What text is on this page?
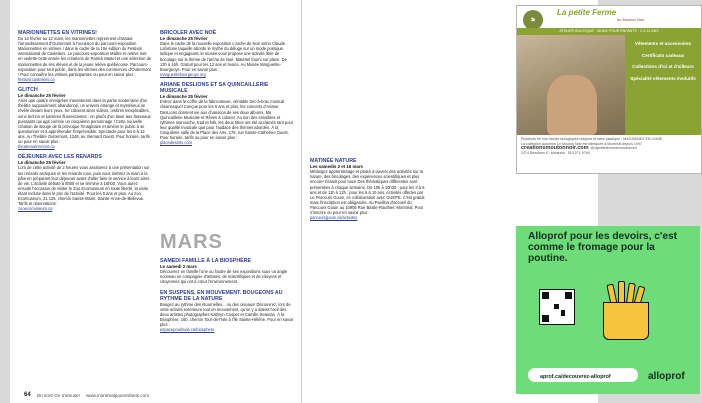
MARIONNETTES EN VITRINES!

Du 12 février au 12 mars, les marionnettes reprennent d'assaut l'arrondissement d'Outremont à l'occasion du parcours-exposition Marionnettes en vitrines ! dans le cadre de la 10e édition du Festival international de Casteliers. Le parcours-exposition Maître et relève met en vedette cette année les créations de Patrick Martel et une sélection de marionnettes de ses élèves et de la jeune relève québécoise. Parcours-exposition pour tout public, dans les vitrines des commerces d'Outremont ! Pour connaître les vitrines participantes ou pour en savoir plus :

festival.casteliers.ca

GLITCH

Le dimanche 25 février

Alors que quatre immigrées s'aventurent dans la partie souterraine d'un théâtre supposément abandonné, un univers étrange et mystérieux se révèle devant leurs yeux. Se côtoient alors vidéos, ombres inexplicables, sons techno et lumières fluorescentes : on plutôt d'un laser aux faisceaux puissants qui agit comme un cinquième personnage ! Cette nouvelle création de Bouge de là provoque l'imaginaire et amène le public à se questionner et à appréhender l'imprévisible. Spectacle pour les 6 à 12 ans. Au Théâtre Outremont, 1248, av. Bernard Ouest. Pour horaire, tarifs ou pour en savoir plus :

theatreoutremont.ca

DÉJEUNER AVEC LES RENARDS

Le dimanche 25 février

Lors de cette activité de 2 heures vous assisterez à une présentation sur les renards arctiques et les renards roux, puis vous mettrez la main à la pâte en préparant leur déjeuner avant d'aller faire le service à leurs aires de vie. L'activité débute à 8h00 et se termine à 10h00. Vous aurez ensuite l'occasion de visiter le Zoo Ecomuseum en toute liberté, la visite étant incluse dans le prix de l'activité. Pour les 5 ans et plus. Au zoo Ecomuseum, 21 125, chemin Sainte-Marie, Sainte-Anne-de-Bellevue. Tarifs et réservations :

zooecomuseum.ca

BRICOLER AVEC NOÉ

Le dimanche 25 février

Dans le cadre de la nouvelle exposition L'arche de Noé selon Claude Lafortune laquelle aborde le mythe du déluge sur un mode poétique, ludique et engageant, le musée vous propose une activité libre de bricolage sur le thème de l'arche de Noé. Matériel fourni sur place. De 13h à 16h. Gratuit pour les 12 ans et moins. Au Musée Marguerite-Bourgeoys. Pour en savoir plus :

margueritebourgeoys.org

ARIANE DESLIONS ET SA QUINCAILLERIE MUSICALE

Le dimanche 25 février

Entrez dans le coffre de la fabricoleuse, véritable bric-à-brac musical clownesque! Conçue pour les 5 ans et plus, les concerts d'Ariane DesLions donnent vie aux chansons de ses deux albums, Ma Quincaillerie Musicale et Rêves à colorier. Au son des sensibles et rythmes manouche, trad et folk, les deux titres ont été acclamés tant pour leur qualité musicale que pour l'audace des thèmes abordés. À la Cinquième salle de la Place des Arts, 175, rue Sainte-Catherine Ouest. Pour horaire, tarifs ou pour en savoir plus :

placedesarts.com

MARS

SAMEDI FAMILLE À LA BIOSPHÈRE

Le samedi 2 mars

Découvrez en famille l'une ou l'autre de ses expositions sous un angle nouveau en compagnie d'artistes, de scientifiques et de citoyens et citoyennes qui ont à cœur l'environnement.

EN SUSPENS, EN MOUVEMENT. BOUGEONS AU RYTHME DE LA NATURE

Bougez au rythme des ritournelles... ou des oiseaux! Découvrez, lors de cette activité extérieure tout en mouvement, qu'on y a atteint l'oeil des deux artistes photographes Kathryn Cooper et Camille Seaman. À la Biosphère, 160, chemin Tour-de-l'Isle à l'Île Sainte-Hélène. Pour en savoir plus :

espacepourlavie.ca/biosphere

64 On sort! On s'amuse! www.montrealpourenfants.com

MATINÉE NATURE

Les samedis 2 et 16 mars

Mélangez apprentissage et plaisir à travers des activités sur la nature, des bricolages, des expériences scientifiques et plus encore! Gratuit pour tous! Des thématiques différentes sont présentées à chaque semaine. De 10h à 10h30 : pour les 3 à 5 ans et de 11h à 12h : pour les 6 à 10 ans. Activités offertes par Le Parcours Gouin, en collaboration avec GUEPE. C'est gratuit mais l'inscription est obligatoire. Au Pavillon d'accueil du Parcours Gouin au 10905 Rue Basile-Routhier, Montréal. Pour s'inscrire ou pour en savoir plus :

parcoursgouin.ca/activites

🐑
La petite Ferme
du Mouton Noir
ATELIER BOUTIQUE · MODE POUR ENFANTS · 0 À 12 ANS
Vêtements et accessoires
Certificats cadeaux
Collections d'ici et d'ailleurs
Spécialité vêtements évolutifs
Plusieurs de nos modes biologiques uniques et sans plastique · MAGASINEZ EN LIGNE
La collection automne Le Mouton Noir est fabriquée à Montréal depuis 1997
creationsmoutonnoir.com @lapetitefermedumoutonnoir
2374 Beaubien E, Montréal · 514 271-9760
Alloprof pour les devoirs, c'est comme le fromage pour la poutine.
aprof.ca/decouvrez-alloprof	alloprof
